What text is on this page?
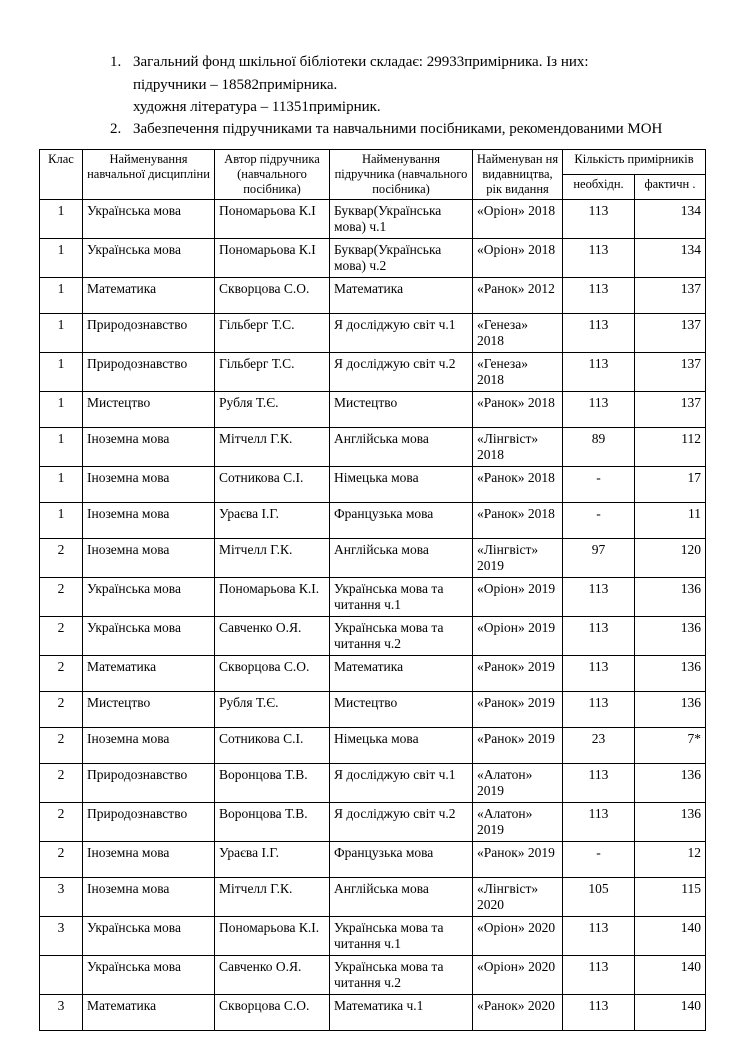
1. Загальний фонд шкільної бібліотеки складає: 29933примірника. Із них:
підручники – 18582примірника.
художня література – 11351примірник.
2. Забезпечення підручниками та навчальними посібниками, рекомендованими МОН
Клас	Найменування навчальної дисципліни	Автор підручника (навчального посібника)	Найменування підручника (навчального посібника)	Найменуван ня видавництва, рік видання	Кількість примірників	
					необхідн.	фактичн .
1	Українська мова	Пономарьова К.І	Буквар(Українська мова) ч.1	«Оріон» 2018	113	134
1	Українська мова	Пономарьова К.І	Буквар(Українська мова) ч.2	«Оріон» 2018	113	134
1	Математика	Скворцова С.О.	Математика	«Ранок» 2012	113	137
1	Природознавство	Гільберг Т.С.	Я досліджую світ ч.1	«Генеза» 2018	113	137
1	Природознавство	Гільберг Т.С.	Я досліджую світ ч.2	«Генеза» 2018	113	137
1	Мистецтво	Рубля Т.Є.	Мистецтво	«Ранок» 2018	113	137
1	Іноземна мова	Мітчелл Г.К.	Англійська мова	«Лінгвіст» 2018	89	112
1	Іноземна мова	Сотникова С.І.	Німецька мова	«Ранок» 2018	-	17
1	Іноземна мова	Ураєва І.Г.	Французька мова	«Ранок» 2018	-	11
2	Іноземна мова	Мітчелл Г.К.	Англійська мова	«Лінгвіст» 2019	97	120
2	Українська мова	Пономарьова К.І.	Українська мова та читання ч.1	«Оріон» 2019	113	136
2	Українська мова	Савченко О.Я.	Українська мова та читання ч.2	«Оріон» 2019	113	136
2	Математика	Скворцова С.О.	Математика	«Ранок» 2019	113	136
2	Мистецтво	Рубля Т.Є.	Мистецтво	«Ранок» 2019	113	136
2	Іноземна мова	Сотникова С.І.	Німецька мова	«Ранок» 2019	23	7*
2	Природознавство	Воронцова Т.В.	Я досліджую світ ч.1	«Алатон» 2019	113	136
2	Природознавство	Воронцова Т.В.	Я досліджую світ ч.2	«Алатон» 2019	113	136
2	Іноземна мова	Ураєва І.Г.	Французька мова	«Ранок» 2019	-	12
3	Іноземна мова	Мітчелл Г.К.	Англійська мова	«Лінгвіст» 2020	105	115
3	Українська мова	Пономарьова К.І.	Українська мова та читання ч.1	«Оріон» 2020	113	140
	Українська мова	Савченко О.Я.	Українська мова та читання ч.2	«Оріон» 2020	113	140
3	Математика	Скворцова С.О.	Математика ч.1	«Ранок» 2020	113	140
